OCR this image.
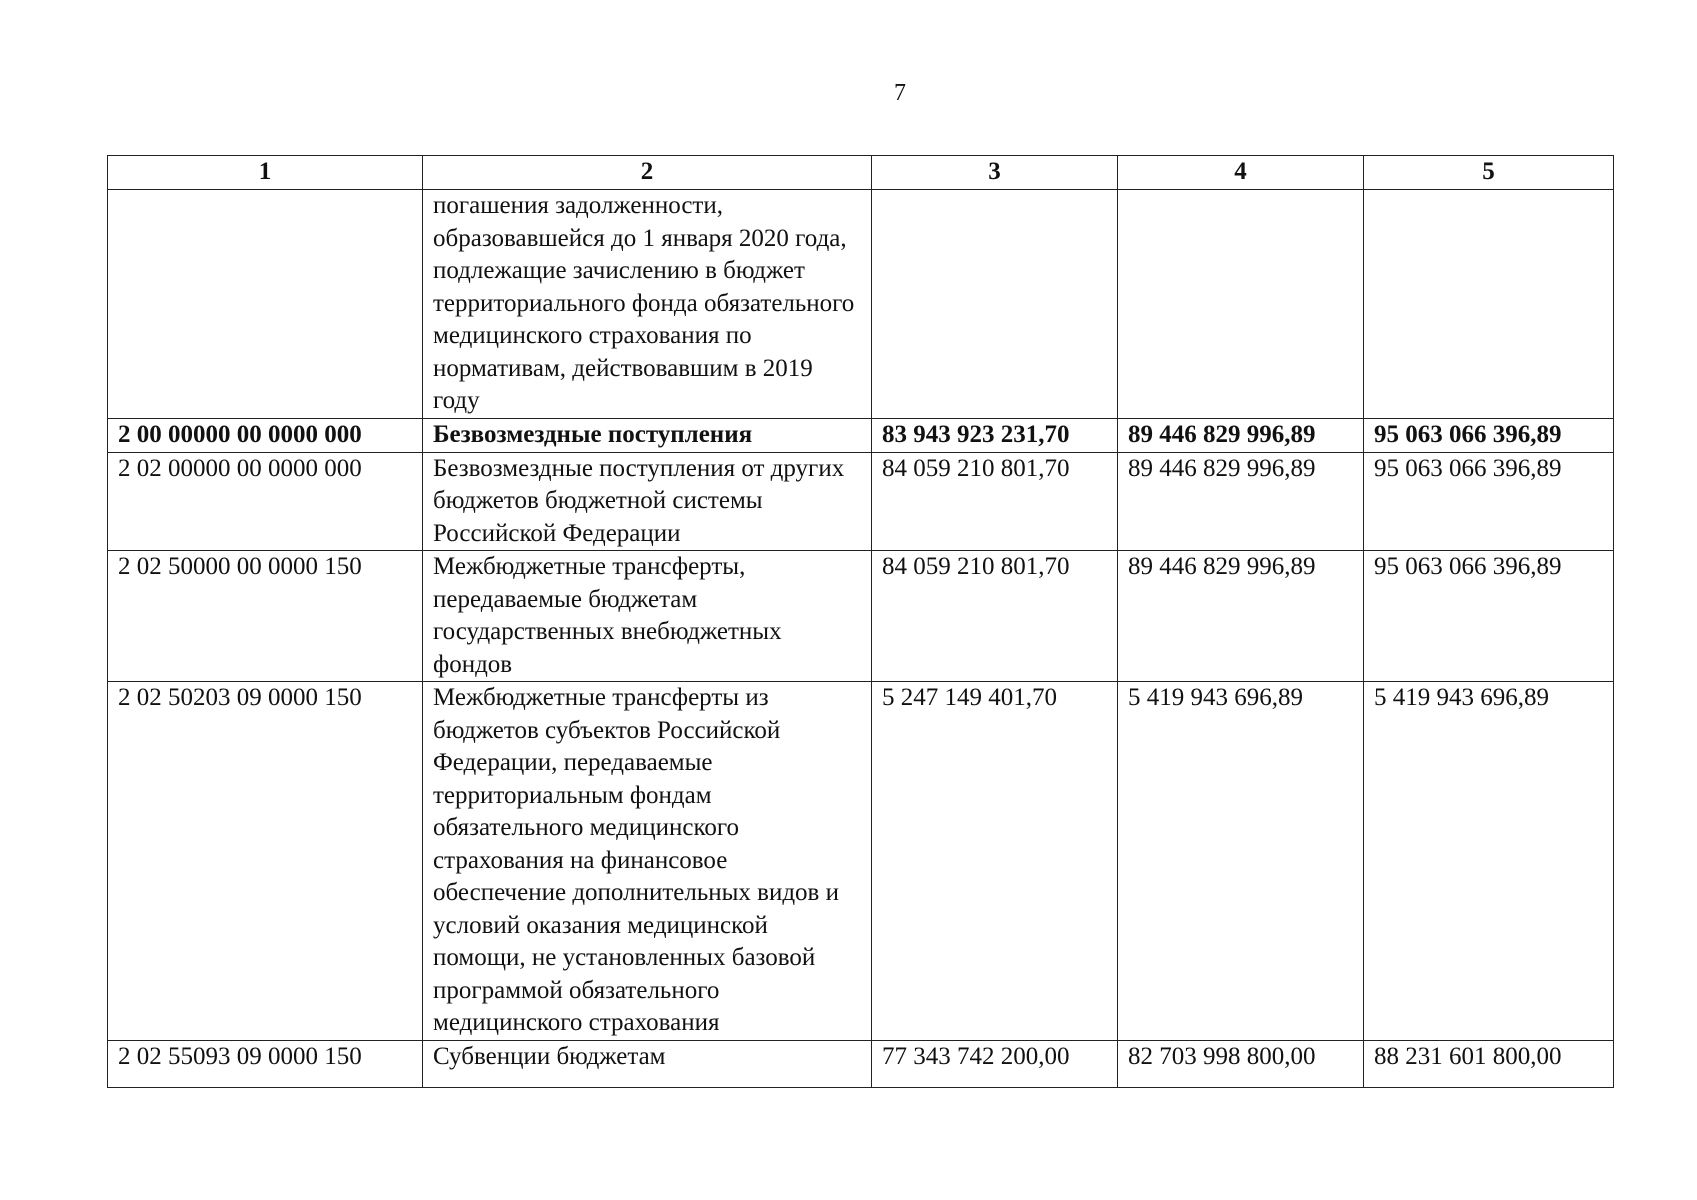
7
1	2	3	4	5
	погашения задолженности, образовавшейся до 1 января 2020 года, подлежащие зачислению в бюджет территориального фонда обязательного медицинского страхования по нормативам, действовавшим в 2019 году			
2 00 00000 00 0000 000	Безвозмездные поступления	83 943 923 231,70	89 446 829 996,89	95 063 066 396,89
2 02 00000 00 0000 000	Безвозмездные поступления от других бюджетов бюджетной системы Российской Федерации	84 059 210 801,70	89 446 829 996,89	95 063 066 396,89
2 02 50000 00 0000 150	Межбюджетные трансферты, передаваемые бюджетам государственных внебюджетных фондов	84 059 210 801,70	89 446 829 996,89	95 063 066 396,89
2 02 50203 09 0000 150	Межбюджетные трансферты из бюджетов субъектов Российской Федерации, передаваемые территориальным фондам обязательного медицинского страхования на финансовое обеспечение дополнительных видов и условий оказания медицинской помощи, не установленных базовой программой обязательного медицинского страхования	5 247 149 401,70	5 419 943 696,89	5 419 943 696,89
2 02 55093 09 0000 150	Субвенции бюджетам	77 343 742 200,00	82 703 998 800,00	88 231 601 800,00
